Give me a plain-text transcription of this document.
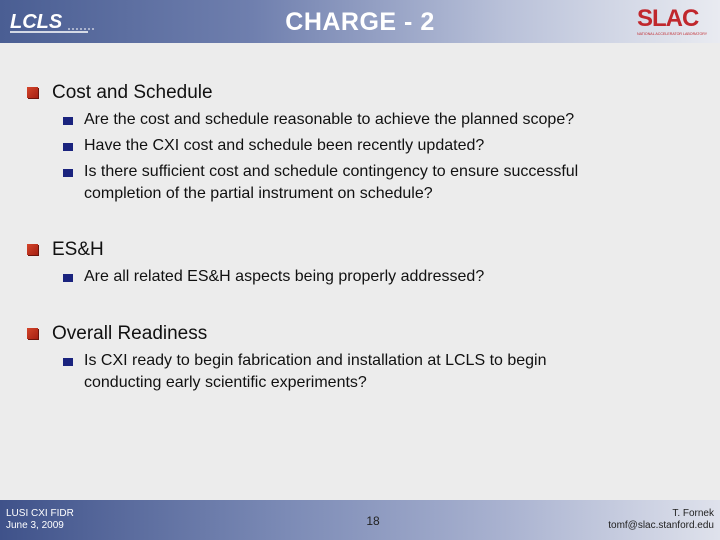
LCLS	CHARGE - 2	SLAC
NATIONAL ACCELERATOR LABORATORY
Cost and Schedule
Are the cost and schedule reasonable to achieve the planned scope?
Have the CXI cost and schedule been recently updated?
Is there sufficient cost and schedule contingency to ensure successful completion of the partial instrument on schedule?
ES&H
Are all related ES&H aspects being properly addressed?
Overall Readiness
Is CXI ready to begin fabrication and installation at LCLS to begin conducting early scientific experiments?
LUSI CXI FIDR
June 3, 2009	18
T. Fornek
tomf@slac.stanford.edu
